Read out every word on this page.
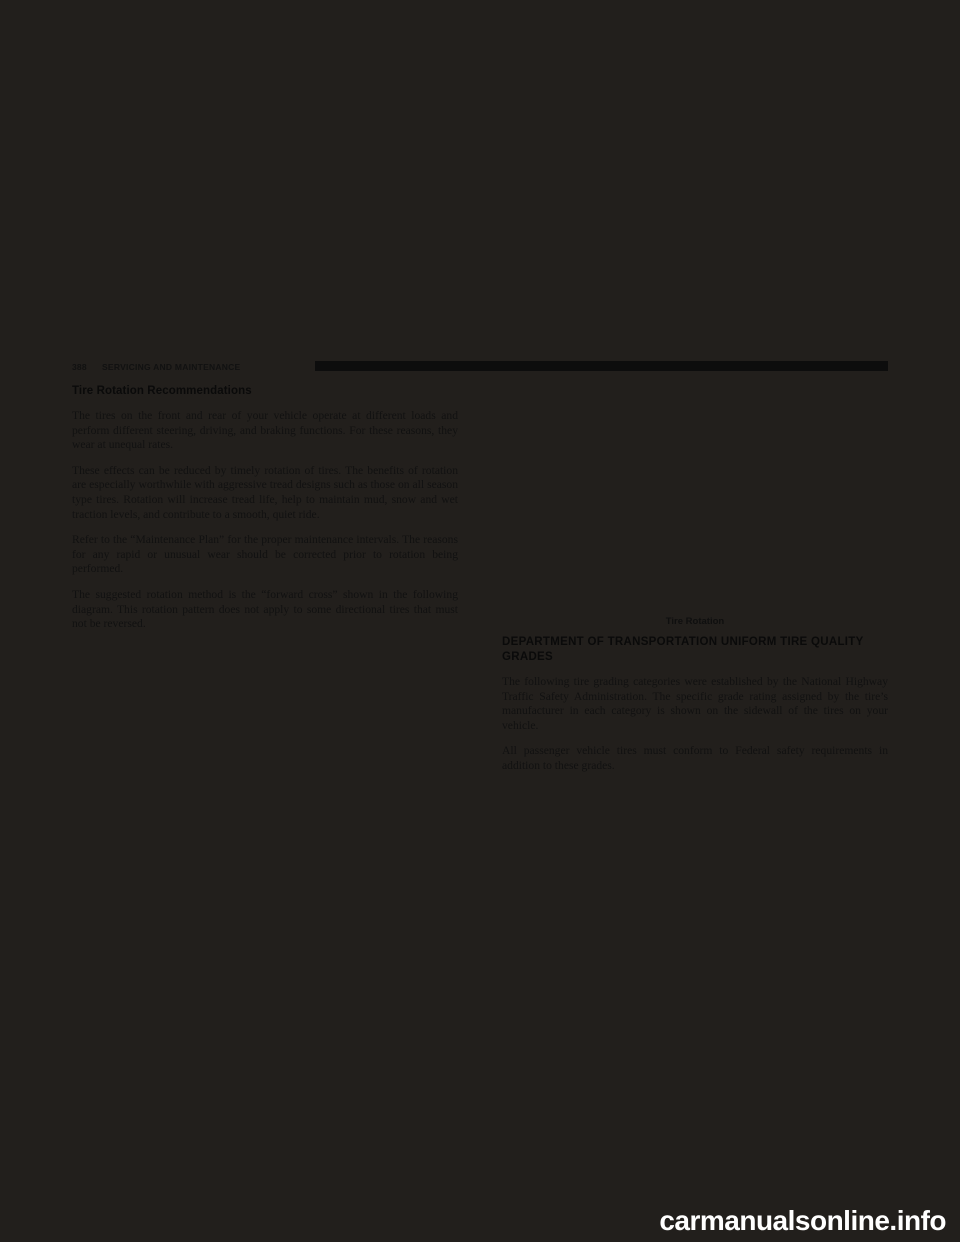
388 SERVICING AND MAINTENANCE
Tire Rotation Recommendations

The tires on the front and rear of your vehicle operate at different loads and perform different steering, driving, and braking functions. For these reasons, they wear at unequal rates.

These effects can be reduced by timely rotation of tires. The benefits of rotation are especially worthwhile with aggressive tread designs such as those on all season type tires. Rotation will increase tread life, help to maintain mud, snow and wet traction levels, and contribute to a smooth, quiet ride.

Refer to the “Maintenance Plan” for the proper maintenance intervals. The reasons for any rapid or unusual wear should be corrected prior to rotation being performed.

The suggested rotation method is the “forward cross” shown in the following diagram. This rotation pattern does not apply to some directional tires that must not be reversed.	Tire Rotation

DEPARTMENT OF TRANSPORTATION UNIFORM TIRE QUALITY GRADES

The following tire grading categories were established by the National Highway Traffic Safety Administration. The specific grade rating assigned by the tire’s manufacturer in each category is shown on the sidewall of the tires on your vehicle.

All passenger vehicle tires must conform to Federal safety requirements in addition to these grades.

carmanualsonline.info
